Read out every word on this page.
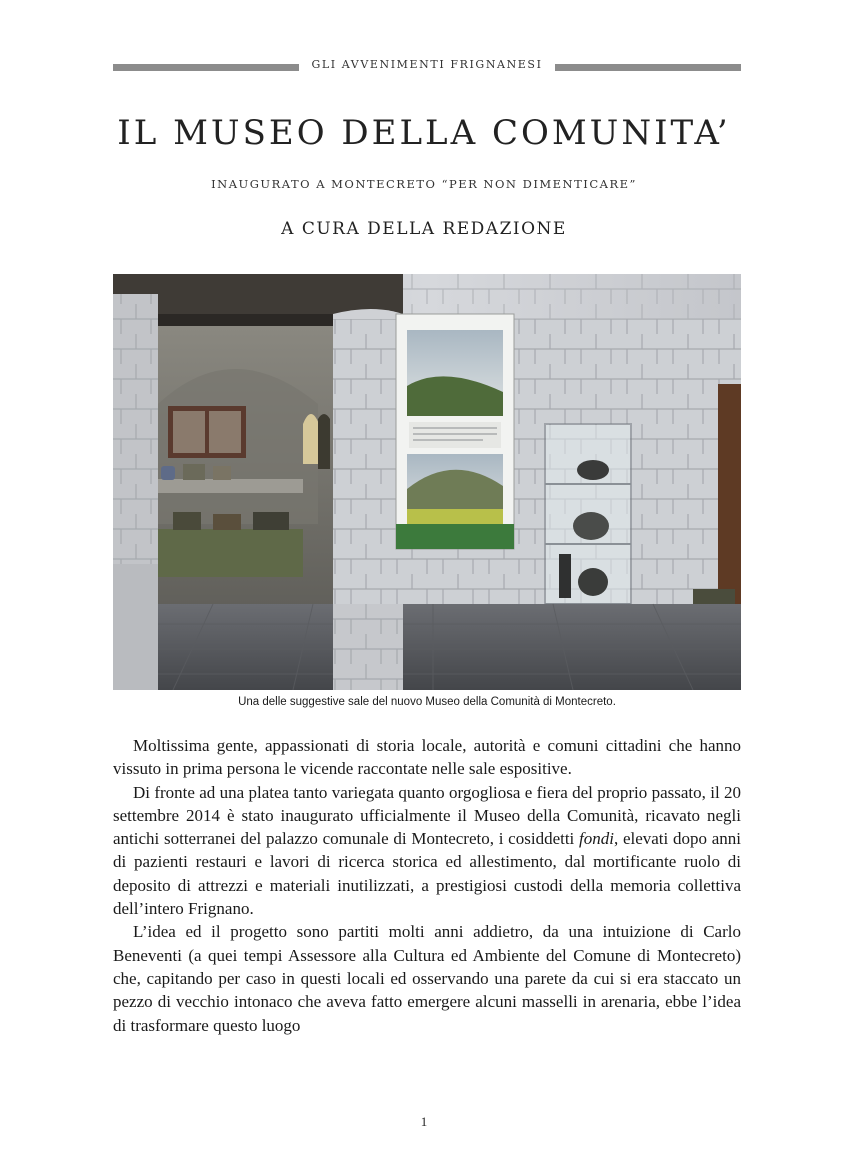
GLI AVVENIMENTI FRIGNANESI
IL MUSEO DELLA COMUNITA’
INAUGURATO A MONTECRETO “PER NON DIMENTICARE”
A CURA DELLA REDAZIONE
Una delle suggestive sale del nuovo Museo della Comunità di Montecreto.

Moltissima gente, appassionati di storia locale, autorità e comuni cittadini che hanno vissuto in prima persona le vicende raccontate nelle sale espositive.

Di fronte ad una platea tanto variegata quanto orgogliosa e fiera del proprio passato, il 20 settembre 2014 è stato inaugurato ufficialmente il Museo della Comunità, ricavato negli antichi sotterranei del palazzo comunale di Montecreto, i cosiddetti fondi, elevati dopo anni di pazienti restauri e lavori di ricerca storica ed allestimento, dal mortificante ruolo di deposito di attrezzi e materiali inutilizzati, a prestigiosi custodi della memoria collettiva dell’intero Frignano.

L’idea ed il progetto sono partiti molti anni addietro, da una intuizione di Carlo Beneventi (a quei tempi Assessore alla Cultura ed Ambiente del Comune di Montecreto) che, capitando per caso in questi locali ed osservando una parete da cui si era staccato un pezzo di vecchio intonaco che aveva fatto emergere alcuni masselli in arenaria, ebbe l’idea di trasformare questo luogo

1
